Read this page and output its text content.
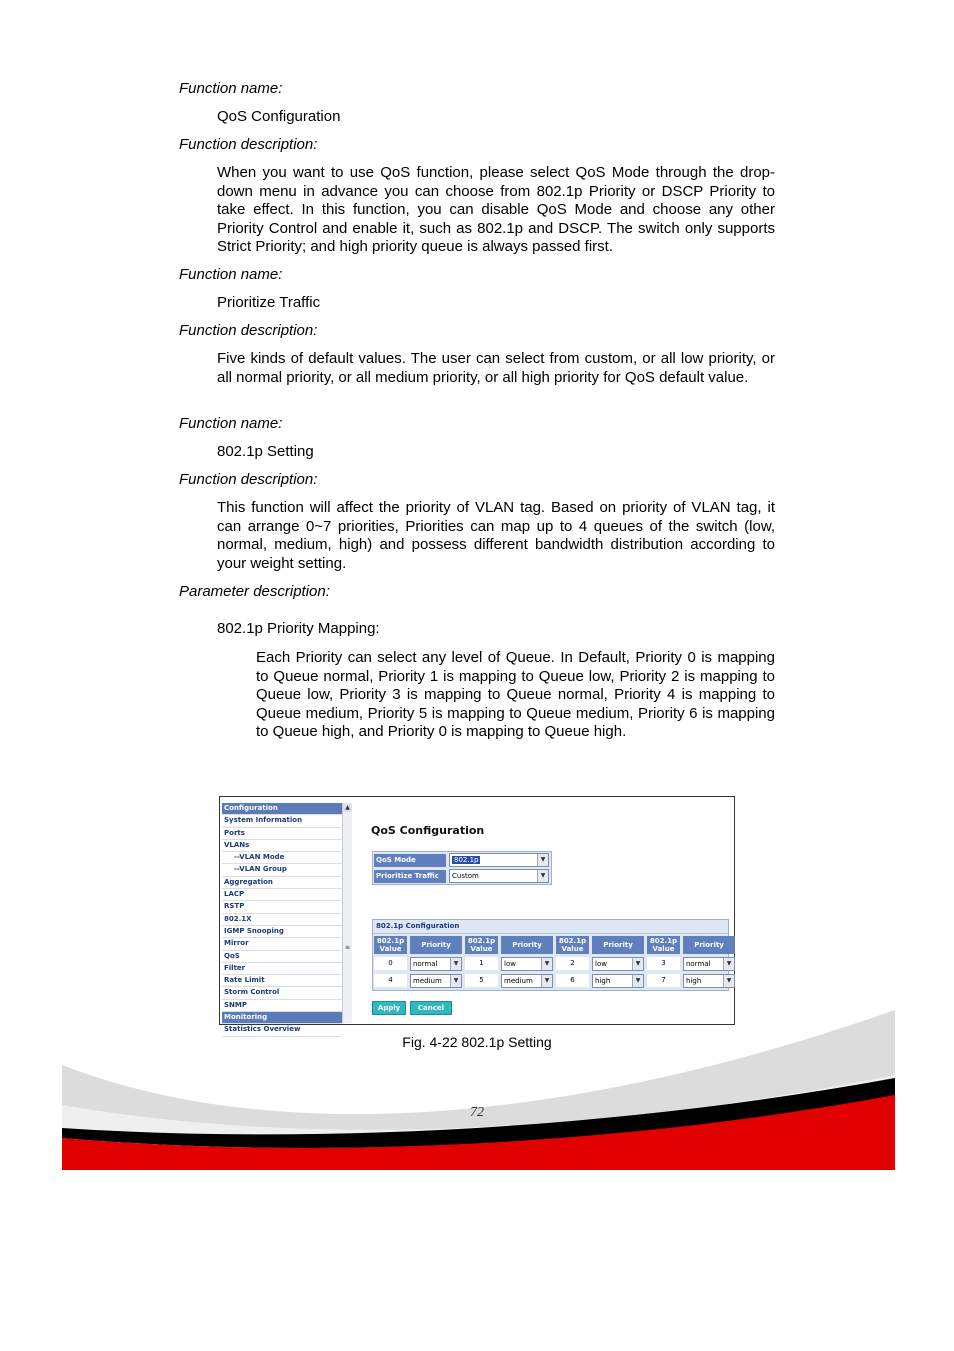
Function name:
QoS Configuration
Function description:

When you want to use QoS function, please select QoS Mode through the drop-down menu in advance you can choose from 802.1p Priority or DSCP Priority to take effect. In this function, you can disable QoS Mode and choose any other Priority Control and enable it, such as 802.1p and DSCP. The switch only supports Strict Priority; and high priority queue is always passed first.

Function name:
Prioritize Traffic
Function description:

Five kinds of default values. The user can select from custom, or all low priority, or all normal priority, or all medium priority, or all high priority for QoS default value.

Function name:
802.1p Setting
Function description:

This function will affect the priority of VLAN tag. Based on priority of VLAN tag, it can arrange 0~7 priorities, Priorities can map up to 4 queues of the switch (low, normal, medium, high) and possess different bandwidth distribution according to your weight setting.

Parameter description:
802.1p Priority Mapping:

Each Priority can select any level of Queue. In Default, Priority 0 is mapping to Queue normal, Priority 1 is mapping to Queue low, Priority 2 is mapping to Queue low, Priority 3 is mapping to Queue normal, Priority 4 is mapping to Queue medium, Priority 5 is mapping to Queue medium, Priority 6 is mapping to Queue high, and Priority 0 is mapping to Queue high.

Configuration
System Information
Ports
VLANs
--VLAN Mode
--VLAN Group
Aggregation
LACP
RSTP
802.1X
IGMP Snooping
Mirror
QoS
Filter
Rate Limit
Storm Control
SNMP
Monitoring
Statistics Overview
▲
≡
QoS Configuration
QoS Mode	802.1p	▼
Prioritize Traffic	Custom	▼
802.1p Configuration
802.1p Value	Priority	802.1p Value	Priority	802.1p Value	Priority	802.1p Value	Priority
0	normal	▼	1	low	▼	2	low	▼	3	normal	▼
4	medium	▼	5	medium	▼	6	high	▼	7	high	▼
Apply	Cancel
Fig. 4-22 802.1p Setting
72
